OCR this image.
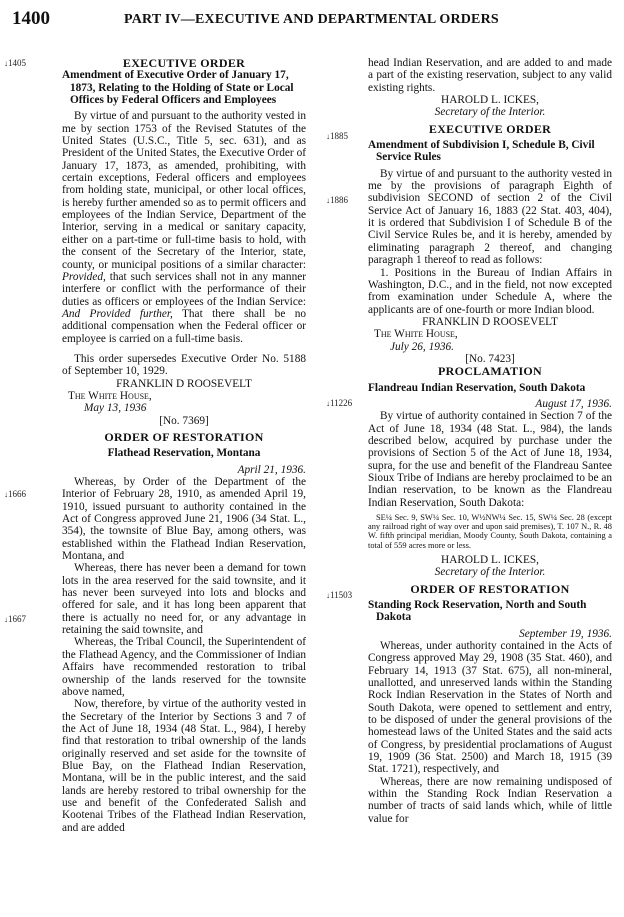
1400	PART IV—EXECUTIVE AND DEPARTMENTAL ORDERS
↓ 1405
↓ 1666
↓ 1667
↓ 1885
↓ 1886
↓ 11226
↓ 11503

EXECUTIVE ORDER

Amendment of Executive Order of January 17, 1873, Relating to the Holding of State or Local Offices by Federal Officers and Employees

By virtue of and pursuant to the authority vested in me by section 1753 of the Revised Statutes of the United States (U.S.C., Title 5, sec. 631), and as President of the United States, the Executive Order of January 17, 1873, as amended, prohibiting, with certain exceptions, Federal officers and employees from holding state, municipal, or other local offices, is hereby further amended so as to permit officers and employees of the Indian Service, Department of the Interior, serving in a medical or sanitary capacity, either on a part-time or full-time basis to hold, with the consent of the Secretary of the Interior, state, county, or municipal positions of a similar character: Provided, that such services shall not in any manner interfere or conflict with the performance of their duties as officers or employees of the Indian Service: And Provided further, That there shall be no additional compensation when the Federal officer or employee is carried on a full-time basis.

This order supersedes Executive Order No. 5188 of September 10, 1929.

FRANKLIN D ROOSEVELT

The White House,

May 13, 1936

[No. 7369]

ORDER OF RESTORATION

Flathead Reservation, Montana

April 21, 1936.

Whereas, by Order of the Department of the Interior of February 28, 1910, as amended April 19, 1910, issued pursuant to authority contained in the Act of Congress approved June 21, 1906 (34 Stat. L., 354), the townsite of Blue Bay, among others, was established within the Flathead Indian Reservation, Montana, and

Whereas, there has never been a demand for town lots in the area reserved for the said townsite, and it has never been surveyed into lots and blocks and offered for sale, and it has long been apparent that there is actually no need for, or any advantage in retaining the said townsite, and

Whereas, the Tribal Council, the Superintendent of the Flathead Agency, and the Commissioner of Indian Affairs have recommended restoration to tribal ownership of the lands reserved for the townsite above named,

Now, therefore, by virtue of the authority vested in the Secretary of the Interior by Sections 3 and 7 of the Act of June 18, 1934 (48 Stat. L., 984), I hereby find that restoration to tribal ownership of the lands originally reserved and set aside for the townsite of Blue Bay, on the Flathead Indian Reservation, Montana, will be in the public interest, and the said lands are hereby restored to tribal ownership for the use and benefit of the Confederated Salish and Kootenai Tribes of the Flathead Indian Reservation, and are added

head Indian Reservation, and are added to and made a part of the existing reservation, subject to any valid existing rights.

HAROLD L. ICKES,

Secretary of the Interior.

EXECUTIVE ORDER

Amendment of Subdivision I, Schedule B, Civil Service Rules

By virtue of and pursuant to the authority vested in me by the provisions of paragraph Eighth of subdivision SECOND of section 2 of the Civil Service Act of January 16, 1883 (22 Stat. 403, 404), it is ordered that Subdivision I of Schedule B of the Civil Service Rules be, and it is hereby, amended by eliminating paragraph 2 thereof, and changing paragraph 1 thereof to read as follows:

1. Positions in the Bureau of Indian Affairs in Washington, D.C., and in the field, not now excepted from examination under Schedule A, where the applicants are of one-fourth or more Indian blood.

FRANKLIN D ROOSEVELT

The White House,

July 26, 1936.

[No. 7423]

PROCLAMATION

Flandreau Indian Reservation, South Dakota

August 17, 1936.

By virtue of authority contained in Section 7 of the Act of June 18, 1934 (48 Stat. L., 984), the lands described below, acquired by purchase under the provisions of Section 5 of the Act of June 18, 1934, supra, for the use and benefit of the Flandreau Santee Sioux Tribe of Indians are hereby proclaimed to be an Indian reservation, to be known as the Flandreau Indian Reservation, South Dakota:

SE¼ Sec. 9, SW¼ Sec. 10, W½NW¼ Sec. 15, SW¼ Sec. 28 (except any railroad right of way over and upon said premises), T. 107 N., R. 48 W. fifth principal meridian, Moody County, South Dakota, containing a total of 559 acres more or less.

HAROLD L. ICKES,

Secretary of the Interior.

ORDER OF RESTORATION

Standing Rock Reservation, North and South Dakota

September 19, 1936.

Whereas, under authority contained in the Acts of Congress approved May 29, 1908 (35 Stat. 460), and February 14, 1913 (37 Stat. 675), all non-mineral, unallotted, and unreserved lands within the Standing Rock Indian Reservation in the States of North and South Dakota, were opened to settlement and entry, to be disposed of under the general provisions of the homestead laws of the United States and the said acts of Congress, by presidential proclamations of August 19, 1909 (36 Stat. 2500) and March 18, 1915 (39 Stat. 1721), respectively, and

Whereas, there are now remaining undisposed of within the Standing Rock Indian Reservation a number of tracts of said lands which, while of little value for
